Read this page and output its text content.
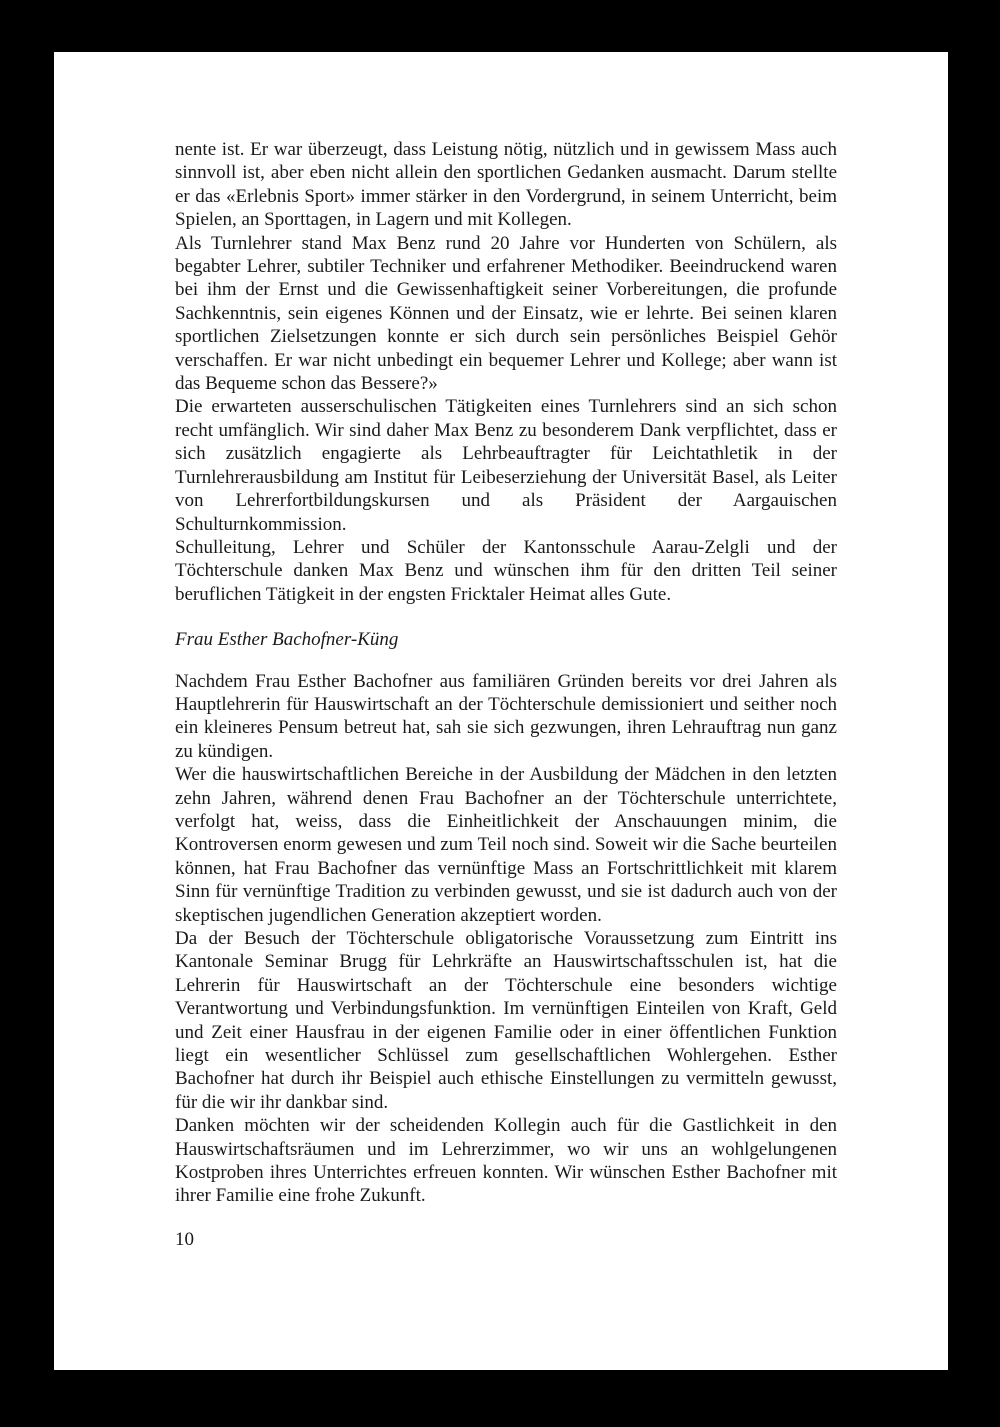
nente ist. Er war überzeugt, dass Leistung nötig, nützlich und in gewissem Mass auch sinnvoll ist, aber eben nicht allein den sportlichen Gedanken ausmacht. Darum stellte er das «Erlebnis Sport» immer stärker in den Vordergrund, in seinem Unterricht, beim Spielen, an Sporttagen, in Lagern und mit Kollegen.

Als Turnlehrer stand Max Benz rund 20 Jahre vor Hunderten von Schülern, als begabter Lehrer, subtiler Techniker und erfahrener Methodiker. Beeindruckend waren bei ihm der Ernst und die Gewissenhaftigkeit seiner Vorbereitungen, die profunde Sachkenntnis, sein eigenes Können und der Einsatz, wie er lehrte. Bei seinen klaren sportlichen Zielsetzungen konnte er sich durch sein persönliches Beispiel Gehör verschaffen. Er war nicht unbedingt ein bequemer Lehrer und Kollege; aber wann ist das Bequeme schon das Bessere?»

Die erwarteten ausserschulischen Tätigkeiten eines Turnlehrers sind an sich schon recht umfänglich. Wir sind daher Max Benz zu besonderem Dank verpflichtet, dass er sich zusätzlich engagierte als Lehrbeauftragter für Leichtathletik in der Turnlehrerausbildung am Institut für Leibeserziehung der Universität Basel, als Leiter von Lehrerfortbildungskursen und als Präsident der Aargauischen Schulturnkommission.

Schulleitung, Lehrer und Schüler der Kantonsschule Aarau-Zelgli und der Töchterschule danken Max Benz und wünschen ihm für den dritten Teil seiner beruflichen Tätigkeit in der engsten Fricktaler Heimat alles Gute.

Frau Esther Bachofner-Küng

Nachdem Frau Esther Bachofner aus familiären Gründen bereits vor drei Jahren als Hauptlehrerin für Hauswirtschaft an der Töchterschule demissioniert und seither noch ein kleineres Pensum betreut hat, sah sie sich gezwungen, ihren Lehrauftrag nun ganz zu kündigen.

Wer die hauswirtschaftlichen Bereiche in der Ausbildung der Mädchen in den letzten zehn Jahren, während denen Frau Bachofner an der Töchterschule unterrichtete, verfolgt hat, weiss, dass die Einheitlichkeit der Anschauungen minim, die Kontroversen enorm gewesen und zum Teil noch sind. Soweit wir die Sache beurteilen können, hat Frau Bachofner das vernünftige Mass an Fortschrittlichkeit mit klarem Sinn für vernünftige Tradition zu verbinden gewusst, und sie ist dadurch auch von der skeptischen jugendlichen Generation akzeptiert worden.

Da der Besuch der Töchterschule obligatorische Voraussetzung zum Eintritt ins Kantonale Seminar Brugg für Lehrkräfte an Hauswirtschaftsschulen ist, hat die Lehrerin für Hauswirtschaft an der Töchterschule eine besonders wichtige Verantwortung und Verbindungsfunktion. Im vernünftigen Einteilen von Kraft, Geld und Zeit einer Hausfrau in der eigenen Familie oder in einer öffentlichen Funktion liegt ein wesentlicher Schlüssel zum gesellschaftlichen Wohlergehen. Esther Bachofner hat durch ihr Beispiel auch ethische Einstellungen zu vermitteln gewusst, für die wir ihr dankbar sind.

Danken möchten wir der scheidenden Kollegin auch für die Gastlichkeit in den Hauswirtschaftsräumen und im Lehrerzimmer, wo wir uns an wohlgelungenen Kostproben ihres Unterrichtes erfreuen konnten. Wir wünschen Esther Bachofner mit ihrer Familie eine frohe Zukunft.

10
